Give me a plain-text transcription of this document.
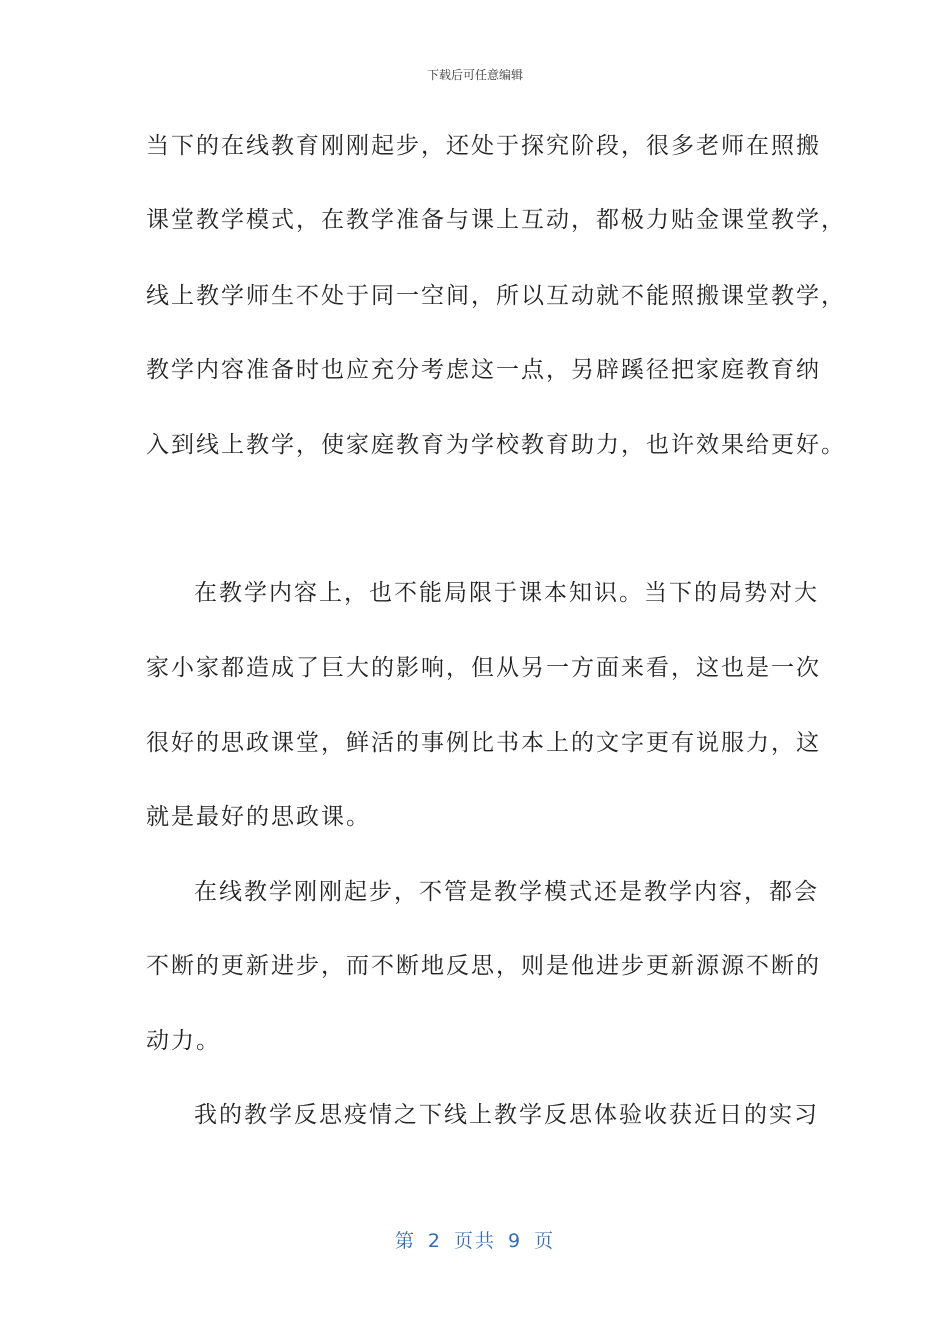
下载后可任意编辑
当下的在线教育刚刚起步，还处于探究阶段，很多老师在照搬
课堂教学模式，在教学准备与课上互动，都极力贴金课堂教学，
线上教学师生不处于同一空间，所以互动就不能照搬课堂教学，
教学内容准备时也应充分考虑这一点，另辟蹊径把家庭教育纳
入到线上教学，使家庭教育为学校教育助力，也许效果给更好。
在教学内容上，也不能局限于课本知识。当下的局势对大
家小家都造成了巨大的影响，但从另一方面来看，这也是一次
很好的思政课堂，鲜活的事例比书本上的文字更有说服力，这
就是最好的思政课。
在线教学刚刚起步，不管是教学模式还是教学内容，都会
不断的更新进步，而不断地反思，则是他进步更新源源不断的
动力。
我的教学反思疫情之下线上教学反思体验收获近日的实习
第 2 页共 9 页
